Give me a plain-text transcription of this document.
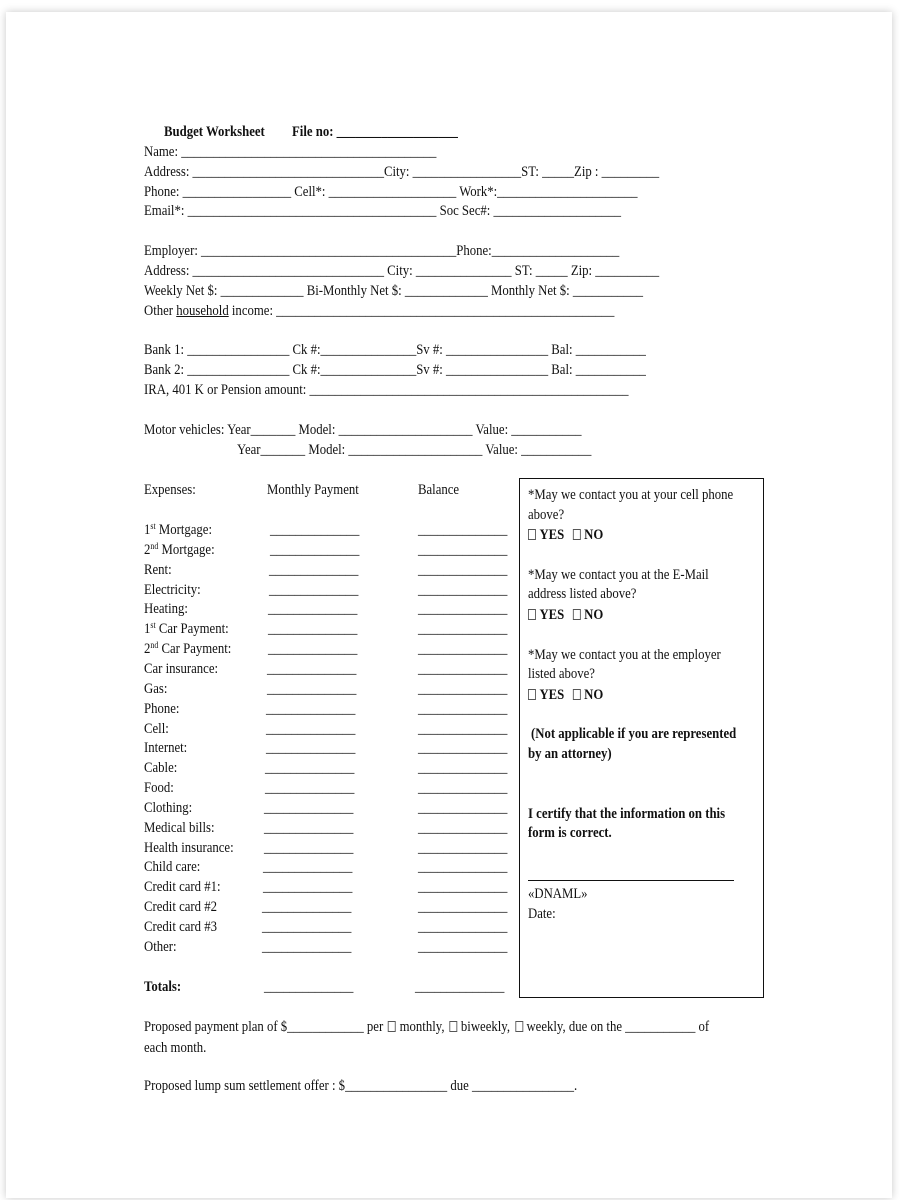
Budget Worksheet File no: ___________________
Name: ________________________________________
Address: ______________________________City: _________________ST: _____Zip : _________
Phone: _________________ Cell*: ____________________ Work*:______________________
Email*: _______________________________________ Soc Sec#: ____________________
Employer: ________________________________________Phone:____________________
Address: ______________________________ City: _______________ ST: _____ Zip: __________
Weekly Net $: _____________ Bi-Monthly Net $: _____________ Monthly Net $: ___________
Other household income: _____________________________________________________
Bank 1: ________________ Ck #:_______________Sv #: ________________ Bal: ___________
Bank 2: ________________ Ck #:_______________Sv #: ________________ Bal: ___________
IRA, 401 K or Pension amount: __________________________________________________
Motor vehicles: Year_______ Model: _____________________ Value: ___________
Year_______ Model: _____________________ Value: ___________
Expenses:	Monthly Payment	Balance
1st Mortgage:	______________	______________
2nd Mortgage:	______________	______________
Rent:	______________	______________
Electricity:	______________	______________
Heating:	______________	______________
1st Car Payment:	______________	______________
2nd Car Payment:	______________	______________
Car insurance:	______________	______________
Gas:	______________	______________
Phone:	______________	______________
Cell:	______________	______________
Internet:	______________	______________
Cable:	______________	______________
Food:	______________	______________
Clothing:	______________	______________
Medical bills:	______________	______________
Health insurance: ______________	______________
Child care:	______________	______________
Credit card #1:	______________	______________
Credit card #2	______________	______________
Credit card #3	______________	______________
Other:	______________	______________
Totals:	______________	______________
*May we contact you at your cell phone
above?
YES NO
*May we contact you at the E-Mail
address listed above?
YES NO
*May we contact you at the employer
listed above?
YES NO
(Not applicable if you are represented
by an attorney)
I certify that the information on this
form is correct.
«DNAML»
Date:
Proposed payment plan of $____________ per monthly, biweekly, weekly, due on the ___________ of
each month.
Proposed lump sum settlement offer : $________________ due ________________.
